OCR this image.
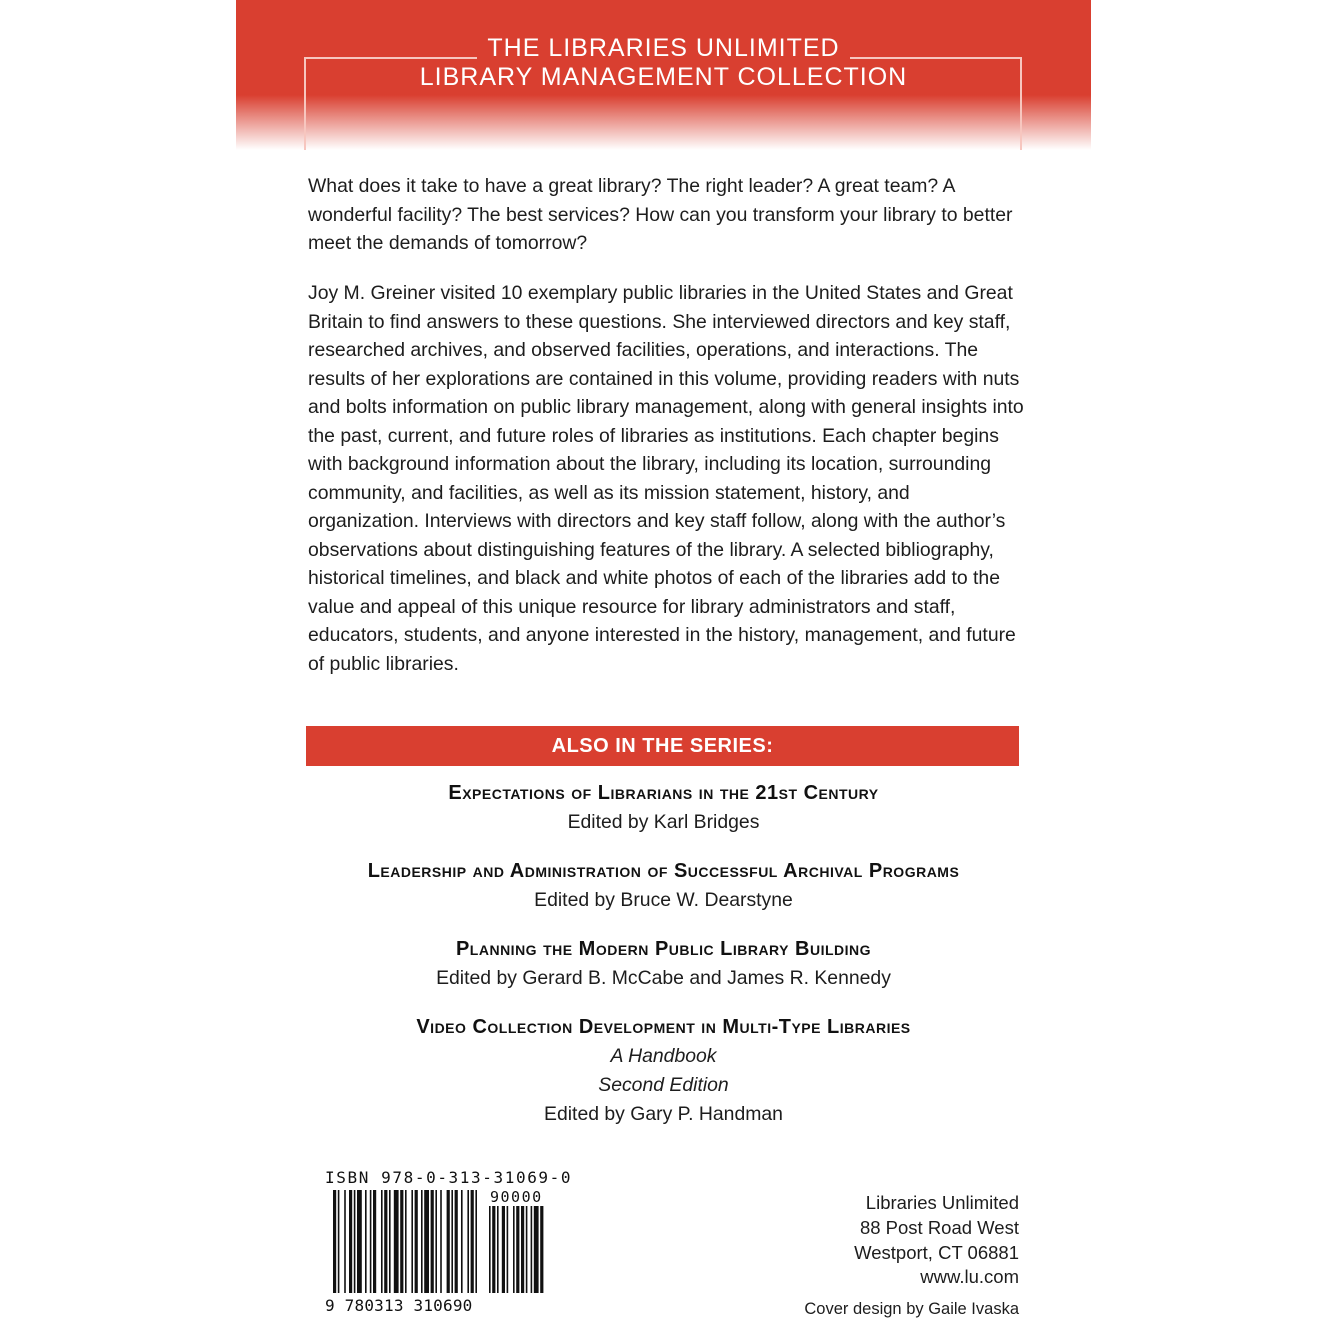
THE LIBRARIES UNLIMITED
LIBRARY MANAGEMENT COLLECTION

What does it take to have a great library? The right leader? A great team? A wonderful facility? The best services? How can you transform your library to better meet the demands of tomorrow?

Joy M. Greiner visited 10 exemplary public libraries in the United States and Great Britain to find answers to these questions. She interviewed directors and key staff, researched archives, and observed facilities, operations, and interactions. The results of her explorations are contained in this volume, providing readers with nuts and bolts information on public library management, along with general insights into the past, current, and future roles of libraries as institutions. Each chapter begins with background information about the library, including its location, surrounding community, and facilities, as well as its mission statement, history, and organization. Interviews with directors and key staff follow, along with the author’s observations about distinguishing features of the library. A selected bibliography, historical timelines, and black and white photos of each of the libraries add to the value and appeal of this unique resource for library administrators and staff, educators, students, and anyone interested in the history, management, and future of public libraries.

ALSO IN THE SERIES:
Expectations of Librarians in the 21st Century
Edited by Karl Bridges
Leadership and Administration of Successful Archival Programs
Edited by Bruce W. Dearstyne
Planning the Modern Public Library Building
Edited by Gerard B. McCabe and James R. Kennedy
Video Collection Development in Multi-Type Libraries
A Handbook
Second Edition
Edited by Gary P. Handman
ISBN 978-0-313-31069-0
90000
9 780313 310690
Libraries Unlimited
88 Post Road West
Westport, CT 06881
www.lu.com
Cover design by Gaile Ivaska
